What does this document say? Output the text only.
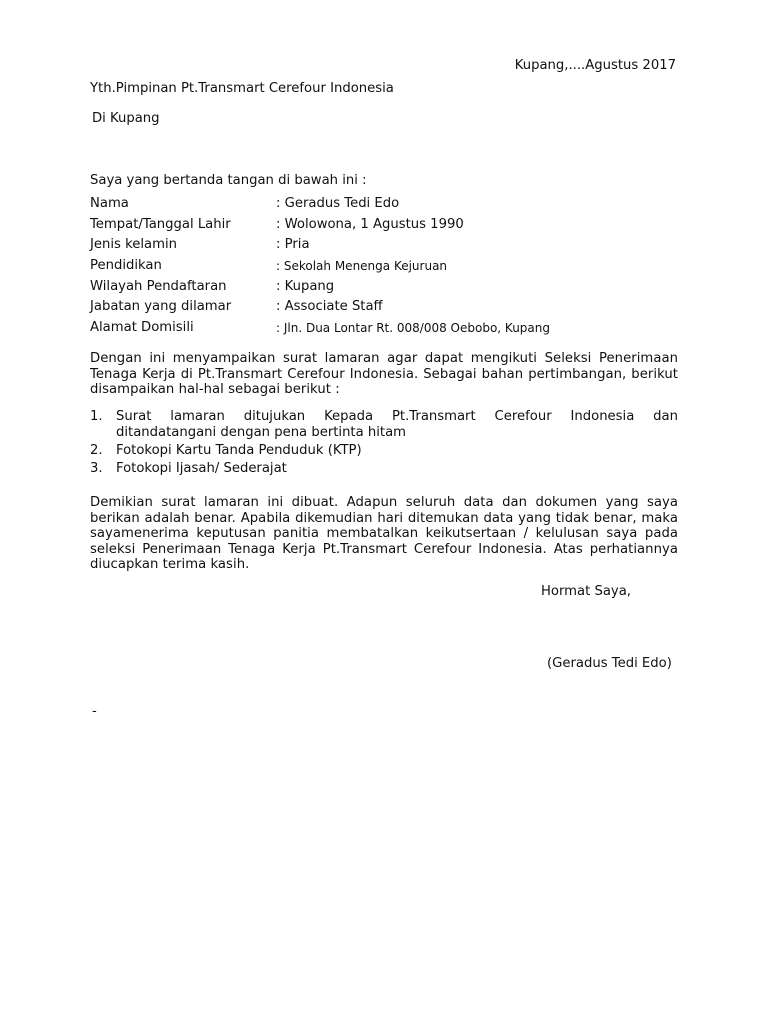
Kupang,....Agustus 2017
Yth.Pimpinan Pt.Transmart Cerefour Indonesia
Di Kupang
Saya yang bertanda tangan di bawah ini :
Nama	: Geradus Tedi Edo
Tempat/Tanggal Lahir	: Wolowona, 1 Agustus 1990
Jenis kelamin	: Pria
Pendidikan	: Sekolah Menenga Kejuruan
Wilayah Pendaftaran	: Kupang
Jabatan yang dilamar	: Associate Staff
Alamat Domisili	: Jln. Dua Lontar Rt. 008/008 Oebobo, Kupang
Dengan ini menyampaikan surat lamaran agar dapat mengikuti Seleksi Penerimaan Tenaga Kerja di Pt.Transmart Cerefour Indonesia. Sebagai bahan pertimbangan, berikut disampaikan hal-hal sebagai berikut :
1.	Surat lamaran ditujukan Kepada Pt.Transmart Cerefour Indonesia dan ditandatangani dengan pena bertinta hitam
2.	Fotokopi Kartu Tanda Penduduk (KTP)
3.	Fotokopi Ijasah/ Sederajat
Demikian surat lamaran ini dibuat. Adapun seluruh data dan dokumen yang saya berikan adalah benar. Apabila dikemudian hari ditemukan data yang tidak benar, maka sayamenerima keputusan panitia membatalkan keikutsertaan / kelulusan saya pada seleksi Penerimaan Tenaga Kerja Pt.Transmart Cerefour Indonesia. Atas perhatiannya diucapkan terima kasih.
Hormat Saya,
(Geradus Tedi Edo)
-
